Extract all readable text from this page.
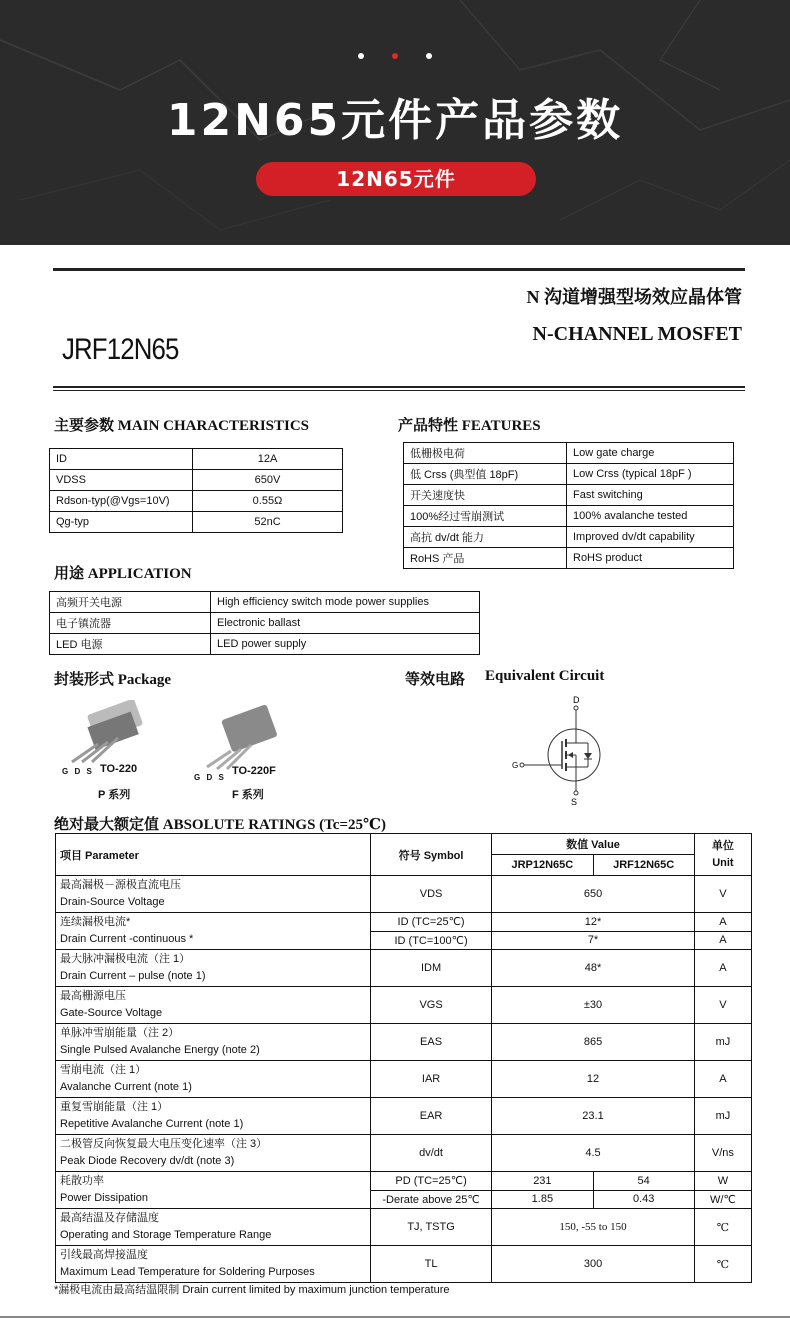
12N65元件产品参数
12N65元件
N 沟道增强型场效应晶体管
N-CHANNEL MOSFET
JRF12N65
主要参数 MAIN CHARACTERISTICS
ID	12A
VDSS	650V
Rdson-typ(@Vgs=10V)	0.55Ω
Qg-typ	52nC
产品特性 FEATURES
低栅极电荷	Low gate charge
低 Crss (典型值 18pF)	Low Crss (typical 18pF )
开关速度快	Fast switching
100%经过雪崩测试	100% avalanche tested
高抗 dv/dt 能力	Improved dv/dt capability
RoHS 产品	RoHS product
用途 APPLICATION
高频开关电源	High efficiency switch mode power supplies
电子镇流器	Electronic ballast
LED 电源	LED power supply
封装形式 Package
G D S TO-220
P 系列
G D S
TO-220F
F 系列
等效电路 Equivalent Circuit
D
G
S
绝对最大额定值 ABSOLUTE RATINGS (Tc=25℃)
项目 Parameter	符号 Symbol	数值 Value		单位
Unit
		JRP12N65C	JRF12N65C	
最高漏极－源极直流电压
Drain-Source Voltage	VDS	650		V
连续漏极电流*
Drain Current -continuous *	ID (TC=25℃)	12*		A
	ID (TC=100℃)	7*		A
最大脉冲漏极电流（注 1）
Drain Current – pulse (note 1)	IDM	48*		A
最高栅源电压
Gate-Source Voltage	VGS	±30		V
单脉冲雪崩能量（注 2）
Single Pulsed Avalanche Energy (note 2)	EAS	865		mJ
雪崩电流（注 1）
Avalanche Current (note 1)	IAR	12		A
重复雪崩能量（注 1）
Repetitive Avalanche Current (note 1)	EAR	23.1		mJ
二极管反向恢复最大电压变化速率（注 3）
Peak Diode Recovery dv/dt (note 3)	dv/dt	4.5		V/ns
耗散功率
Power Dissipation	PD (TC=25℃)	231	54	W
	-Derate above 25℃	1.85	0.43	W/℃
最高结温及存储温度
Operating and Storage Temperature Range	TJ, TSTG	150, -55 to 150		℃
引线最高焊接温度
Maximum Lead Temperature for Soldering Purposes	TL	300		℃
*漏极电流由最高结温限制 Drain current limited by maximum junction temperature
